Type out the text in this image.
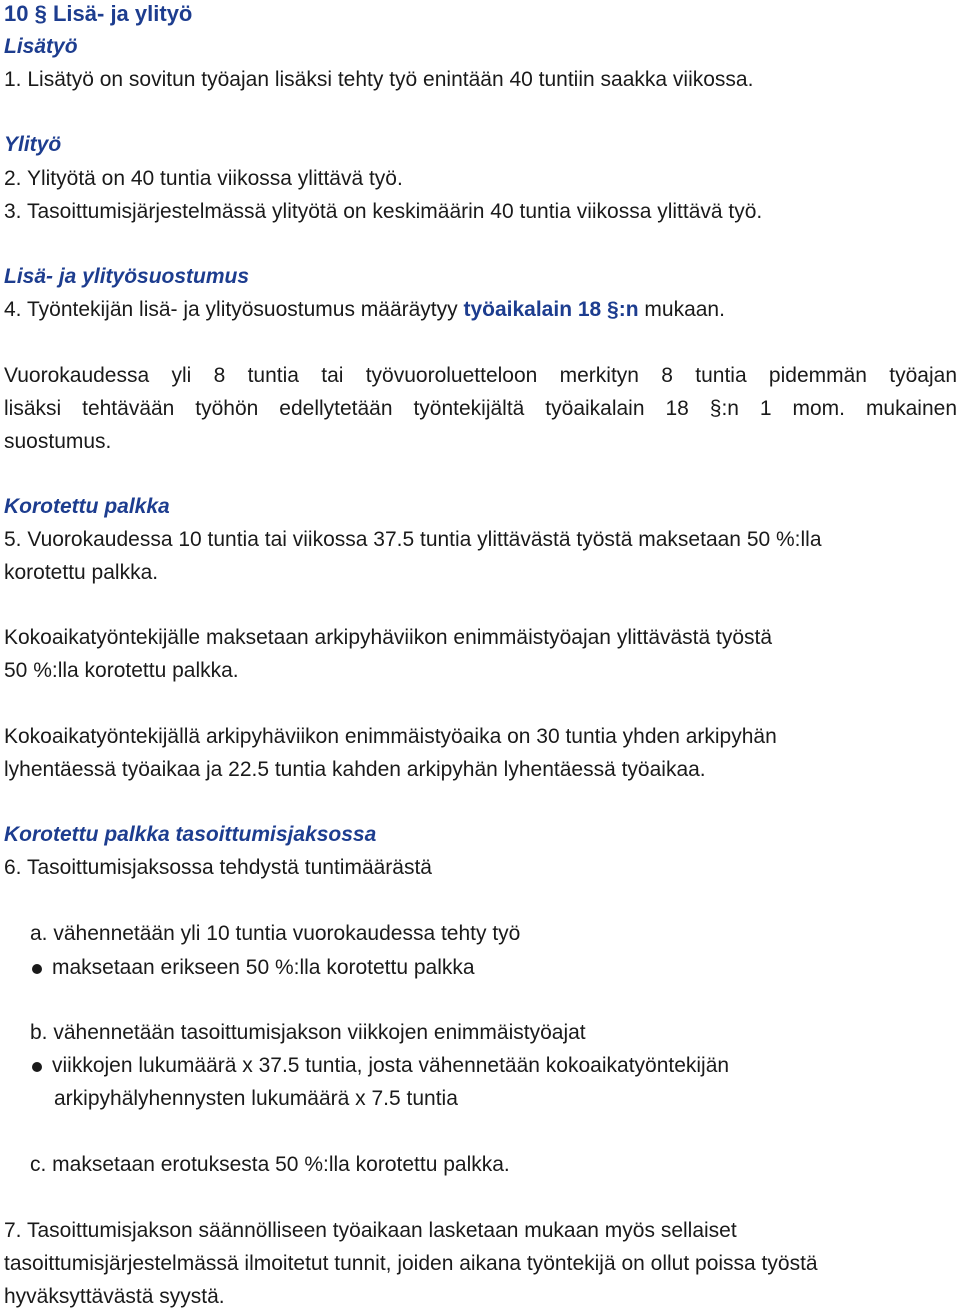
10 § Lisä- ja ylityö
Lisätyö
1. Lisätyö on sovitun työajan lisäksi tehty työ enintään 40 tuntiin saakka viikossa.
Ylityö
2. Ylityötä on 40 tuntia viikossa ylittävä työ.
3. Tasoittumisjärjestelmässä ylityötä on keskimäärin 40 tuntia viikossa ylittävä työ.
Lisä- ja ylityösuostumus
4. Työntekijän lisä- ja ylityösuostumus määräytyy työaikalain 18 §:n mukaan.
Vuorokaudessa yli 8 tuntia tai työvuoroluetteloon merkityn 8 tuntia pidemmän työajan
lisäksi tehtävään työhön edellytetään työntekijältä työaikalain 18 §:n 1 mom. mukainen
suostumus.
Korotettu palkka
5. Vuorokaudessa 10 tuntia tai viikossa 37.5 tuntia ylittävästä työstä maksetaan 50 %:lla
korotettu palkka.
Kokoaikatyöntekijälle maksetaan arkipyhäviikon enimmäistyöajan ylittävästä työstä
50 %:lla korotettu palkka.
Kokoaikatyöntekijällä arkipyhäviikon enimmäistyöaika on 30 tuntia yhden arkipyhän
lyhentäessä työaikaa ja 22.5 tuntia kahden arkipyhän lyhentäessä työaikaa.
Korotettu palkka tasoittumisjaksossa
6. Tasoittumisjaksossa tehdystä tuntimäärästä
a. vähennetään yli 10 tuntia vuorokaudessa tehty työ
maksetaan erikseen 50 %:lla korotettu palkka
b. vähennetään tasoittumisjakson viikkojen enimmäistyöajat
viikkojen lukumäärä x 37.5 tuntia, josta vähennetään kokoaikatyöntekijän
arkipyhälyhennysten lukumäärä x 7.5 tuntia
c. maksetaan erotuksesta 50 %:lla korotettu palkka.
7. Tasoittumisjakson säännölliseen työaikaan lasketaan mukaan myös sellaiset
tasoittumisjärjestelmässä ilmoitetut tunnit, joiden aikana työntekijä on ollut poissa työstä
hyväksyttävästä syystä.
